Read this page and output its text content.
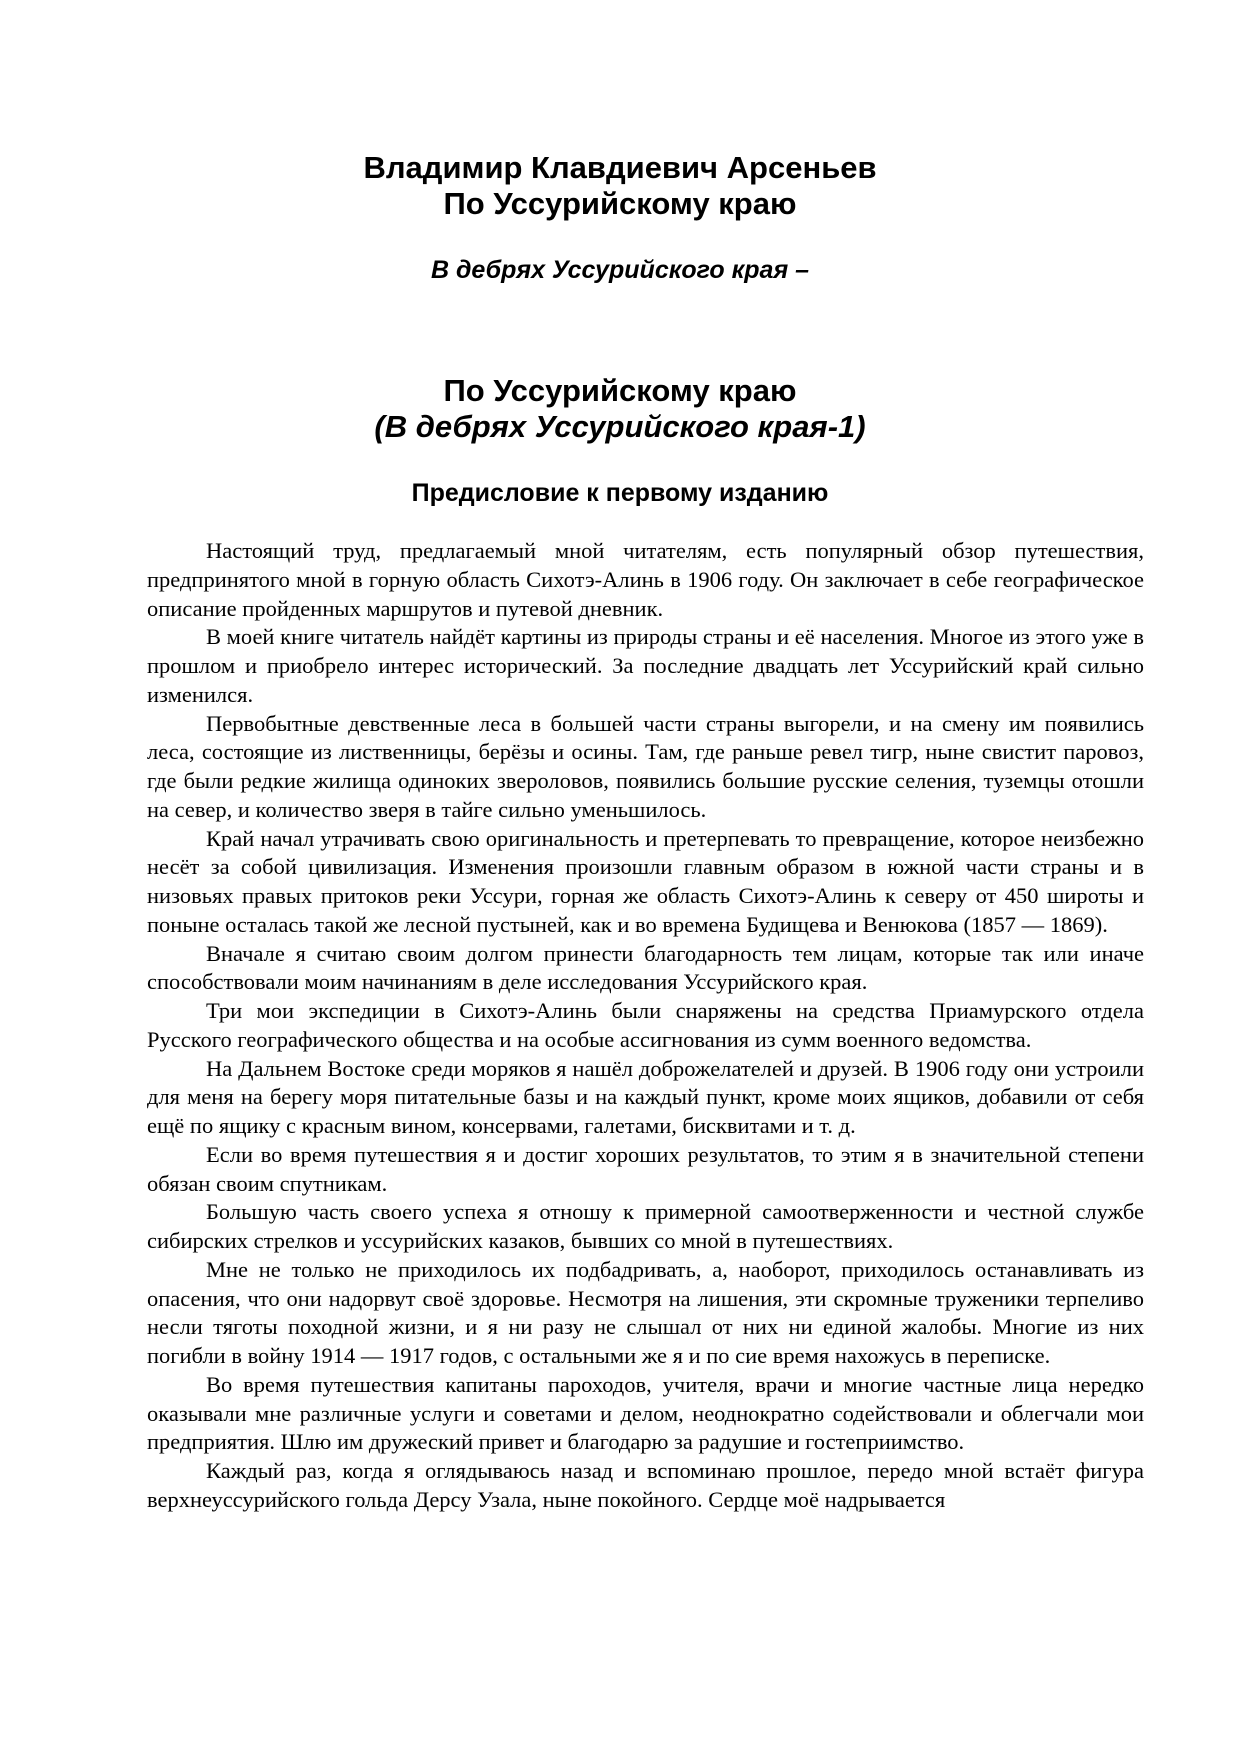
Владимир Клавдиевич Арсеньев
По Уссурийскому краю
В дебрях Уссурийского края –
По Уссурийскому краю
(В дебрях Уссурийского края-1)
Предисловие к первому изданию

Настоящий труд, предлагаемый мной читателям, есть популярный обзор путешествия, предпринятого мной в горную область Сихотэ-Алинь в 1906 году. Он заключает в себе географическое описание пройденных маршрутов и путевой дневник.

В моей книге читатель найдёт картины из природы страны и её населения. Многое из этого уже в прошлом и приобрело интерес исторический. За последние двадцать лет Уссурийский край сильно изменился.

Первобытные девственные леса в большей части страны выгорели, и на смену им появились леса, состоящие из лиственницы, берёзы и осины. Там, где раньше ревел тигр, ныне свистит паровоз, где были редкие жилища одиноких звероловов, появились большие русские селения, туземцы отошли на север, и количество зверя в тайге сильно уменьшилось.

Край начал утрачивать свою оригинальность и претерпевать то превращение, которое неизбежно несёт за собой цивилизация. Изменения произошли главным образом в южной части страны и в низовьях правых притоков реки Уссури, горная же область Сихотэ-Алинь к северу от 450 широты и поныне осталась такой же лесной пустыней, как и во времена Будищева и Венюкова (1857 — 1869).

Вначале я считаю своим долгом принести благодарность тем лицам, которые так или иначе способствовали моим начинаниям в деле исследования Уссурийского края.

Три мои экспедиции в Сихотэ-Алинь были снаряжены на средства Приамурского отдела Русского географического общества и на особые ассигнования из сумм военного ведомства.

На Дальнем Востоке среди моряков я нашёл доброжелателей и друзей. В 1906 году они устроили для меня на берегу моря питательные базы и на каждый пункт, кроме моих ящиков, добавили от себя ещё по ящику с красным вином, консервами, галетами, бисквитами и т. д.

Если во время путешествия я и достиг хороших результатов, то этим я в значительной степени обязан своим спутникам.

Большую часть своего успеха я отношу к примерной самоотверженности и честной службе сибирских стрелков и уссурийских казаков, бывших со мной в путешествиях.

Мне не только не приходилось их подбадривать, а, наоборот, приходилось останавливать из опасения, что они надорвут своё здоровье. Несмотря на лишения, эти скромные труженики терпеливо несли тяготы походной жизни, и я ни разу не слышал от них ни единой жалобы. Многие из них погибли в войну 1914 — 1917 годов, с остальными же я и по сие время нахожусь в переписке.

Во время путешествия капитаны пароходов, учителя, врачи и многие частные лица нередко оказывали мне различные услуги и советами и делом, неоднократно содействовали и облегчали мои предприятия. Шлю им дружеский привет и благодарю за радушие и гостеприимство.

Каждый раз, когда я оглядываюсь назад и вспоминаю прошлое, передо мной встаёт фигура верхнеуссурийского гольда Дерсу Узала, ныне покойного. Сердце моё надрывается
